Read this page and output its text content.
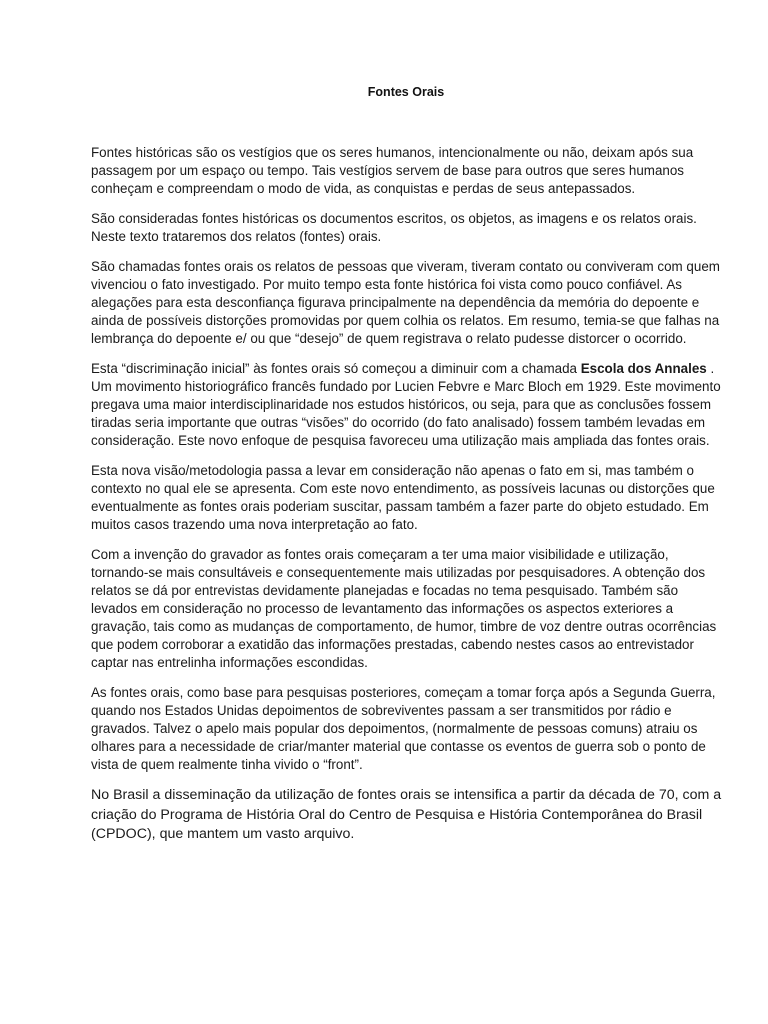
Fontes Orais

Fontes históricas são os vestígios que os seres humanos, intencionalmente ou não, deixam após sua passagem por um espaço ou tempo. Tais vestígios servem de base para outros que seres humanos conheçam e compreendam o modo de vida, as conquistas e perdas de seus antepassados.

São consideradas fontes históricas os documentos escritos, os objetos, as imagens e os relatos orais. Neste texto trataremos dos relatos (fontes) orais.

São chamadas fontes orais os relatos de pessoas que viveram, tiveram contato ou conviveram com quem vivenciou o fato investigado. Por muito tempo esta fonte histórica foi vista como pouco confiável. As alegações para esta desconfiança figurava principalmente na dependência da memória do depoente e ainda de possíveis distorções promovidas por quem colhia os relatos. Em resumo, temia-se que falhas na lembrança do depoente e/ ou que “desejo” de quem registrava o relato pudesse distorcer o ocorrido.

Esta “discriminação inicial” às fontes orais só começou a diminuir com a chamada Escola dos Annales . Um movimento historiográfico francês fundado por Lucien Febvre e Marc Bloch em 1929. Este movimento pregava uma maior interdisciplinaridade nos estudos históricos, ou seja, para que as conclusões fossem tiradas seria importante que outras “visões” do ocorrido (do fato analisado) fossem também levadas em consideração. Este novo enfoque de pesquisa favoreceu uma utilização mais ampliada das fontes orais.

Esta nova visão/metodologia passa a levar em consideração não apenas o fato em si, mas também o contexto no qual ele se apresenta. Com este novo entendimento, as possíveis lacunas ou distorções que eventualmente as fontes orais poderiam suscitar, passam também a fazer parte do objeto estudado. Em muitos casos trazendo uma nova interpretação ao fato.

Com a invenção do gravador as fontes orais começaram a ter uma maior visibilidade e utilização, tornando-se mais consultáveis e consequentemente mais utilizadas por pesquisadores. A obtenção dos relatos se dá por entrevistas devidamente planejadas e focadas no tema pesquisado. Também são levados em consideração no processo de levantamento das informações os aspectos exteriores a gravação, tais como as mudanças de comportamento, de humor, timbre de voz dentre outras ocorrências que podem corroborar a exatidão das informações prestadas, cabendo nestes casos ao entrevistador captar nas entrelinha informações escondidas.

As fontes orais, como base para pesquisas posteriores, começam a tomar força após a Segunda Guerra, quando nos Estados Unidas depoimentos de sobreviventes passam a ser transmitidos por rádio e gravados. Talvez o apelo mais popular dos depoimentos, (normalmente de pessoas comuns) atraiu os olhares para a necessidade de criar/manter material que contasse os eventos de guerra sob o ponto de vista de quem realmente tinha vivido o “front”.

No Brasil a disseminação da utilização de fontes orais se intensifica a partir da década de 70, com a criação do Programa de História Oral do Centro de Pesquisa e História Contemporânea do Brasil (CPDOC), que mantem um vasto arquivo.
